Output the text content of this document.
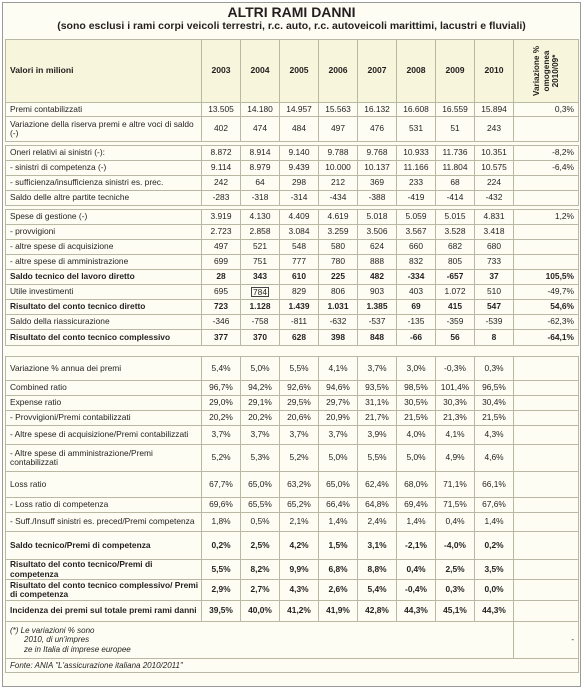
ALTRI RAMI DANNI
(sono esclusi i rami corpi veicoli terrestri, r.c. auto, r.c. autoveicoli marittimi, lacustri e fluviali)
Valori in milioni	2003	2004	2005	2006	2007	2008	2009	2010	Variazione % omogenea 2010/09*

Premi contabilizzati	13.505	14.180	14.957	15.563	16.132	16.608	16.559	15.894	0,3%
Variazione della riserva premi e altre voci di saldo (-)	402	474	484	497	476	531	51	243	

Oneri relativi ai sinistri (-):	8.872	8.914	9.140	9.788	9.768	10.933	11.736	10.351	-8,2%
- sinistri di competenza (-)	9.114	8.979	9.439	10.000	10.137	11.166	11.804	10.575	-6,4%
- sufficienza/insufficienza sinistri es. prec.	242	64	298	212	369	233	68	224	
Saldo delle altre partite tecniche	-283	-318	-314	-434	-388	-419	-414	-432	

Spese di gestione (-)	3.919	4.130	4.409	4.619	5.018	5.059	5.015	4.831	1,2%
- provvigioni	2.723	2.858	3.084	3.259	3.506	3.567	3.528	3.418	
- altre spese di acquisizione	497	521	548	580	624	660	682	680	
- altre spese di amministrazione	699	751	777	780	888	832	805	733	
Saldo tecnico del lavoro diretto	28	343	610	225	482	-334	-657	37	105,5%
Utile investimenti	695	784	829	806	903	403	1.072	510	-49,7%
Risultato del conto tecnico diretto	723	1.128	1.439	1.031	1.385	69	415	547	54,6%
Saldo della riassicurazione	-346	-758	-811	-632	-537	-135	-359	-539	-62,3%
Risultato del conto tecnico complessivo	377	370	628	398	848	-66	56	8	-64,1%

Variazione % annua dei premi	5,4%	5,0%	5,5%	4,1%	3,7%	3,0%	-0,3%	0,3%	
Combined ratio	96,7%	94,2%	92,6%	94,6%	93,5%	98,5%	101,4%	96,5%	
Expense ratio	29,0%	29,1%	29,5%	29,7%	31,1%	30,5%	30,3%	30,4%	
- Provvigioni/Premi contabilizzati	20,2%	20,2%	20,6%	20,9%	21,7%	21,5%	21,3%	21,5%	
- Altre spese di acquisizione/Premi contabilizzati	3,7%	3,7%	3,7%	3,7%	3,9%	4,0%	4,1%	4,3%	
- Altre spese di amministrazione/Premi contabilizzati	5,2%	5,3%	5,2%	5,0%	5,5%	5,0%	4,9%	4,6%	
Loss ratio	67,7%	65,0%	63,2%	65,0%	62,4%	68,0%	71,1%	66,1%	
- Loss ratio di competenza	69,6%	65,5%	65,2%	66,4%	64,8%	69,4%	71,5%	67,6%	
- Suff./Insuff sinistri es. preced/Premi competenza	1,8%	0,5%	2,1%	1,4%	2,4%	1,4%	0,4%	1,4%	
Saldo tecnico/Premi di competenza	0,2%	2,5%	4,2%	1,5%	3,1%	-2,1%	-4,0%	0,2%	
Risultato del conto tecnico/Premi di competenza	5,5%	8,2%	9,9%	6,8%	8,8%	0,4%	2,5%	3,5%	
Risultato del conto tecnico complessivo/ Premi di competenza	2,9%	2,7%	4,3%	2,6%	5,4%	-0,4%	0,3%	0,0%	
Incidenza dei premi sul totale premi rami danni	39,5%	40,0%	41,2%	41,9%	42,8%	44,3%	45,1%	44,3%	

(*) Le variazioni % sono
2010, di un'impres
ze in Italia di imprese europee									-
Fonte: ANIA "L'assicurazione italiana 2010/2011"									
